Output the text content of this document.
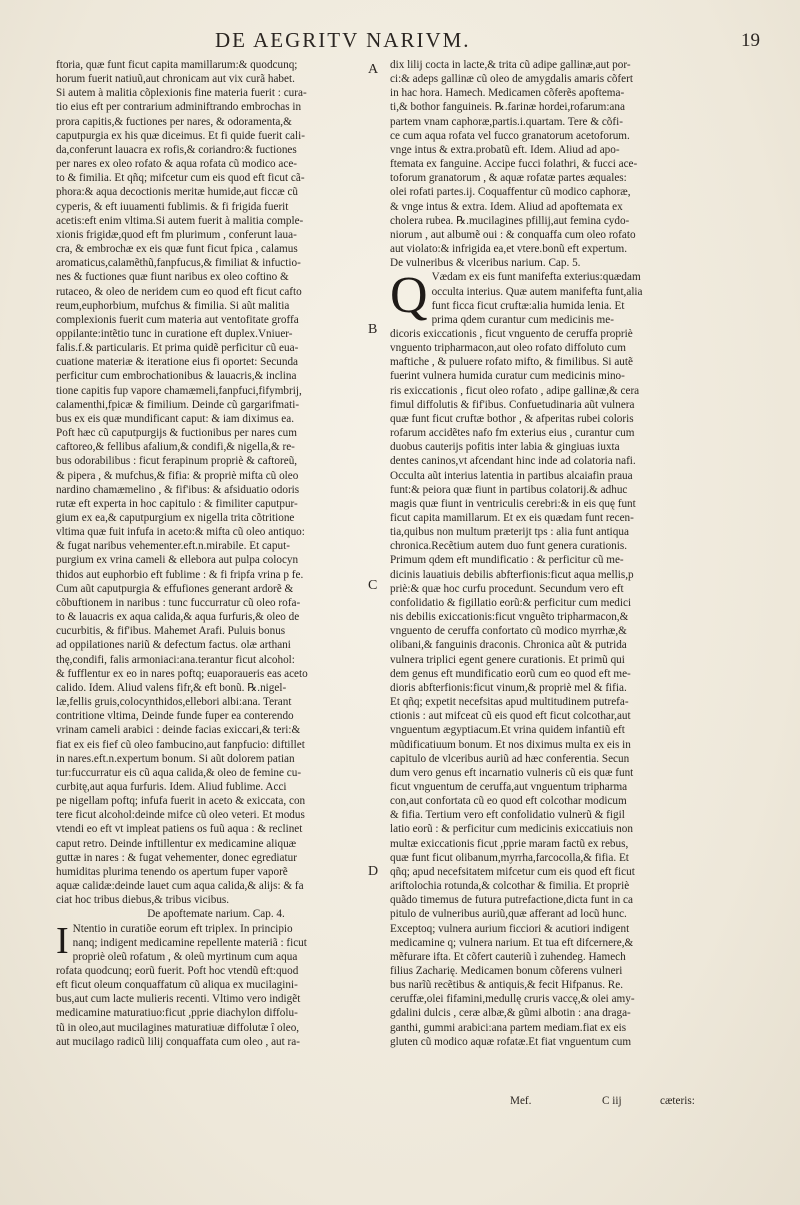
DE AEGRITV NARIVM.	19
A
B
C
D
ftoria, quæ funt ficut capita mamillarum:& quodcunq;
horum fuerit natiuũ,aut chronicam aut vix curã habet.
Si autem à malitia cõplexionis fine materia fuerit : cura-
tio eius eft per contrarium adminiftrando embrochas in
prora capitis,& fuctiones per nares, & odoramenta,&
caputpurgia ex his quæ diceimus. Et fi quide fuerit cali-
da,conferunt lauacra ex rofis,& coriandro:& fuctiones
per nares ex oleo rofato & aqua rofata cũ modico ace-
to & fimilia. Et qñq; mifcetur cum eis quod eft ficut cã-
phora:& aqua decoctionis meritæ humide,aut ficcæ cũ
cyperis, & eft iuuamenti fublimis. & fi frigida fuerit
acetis:eft enim vltima.Si autem fuerit à malitia comple-
xionis frigidæ,quod eft fm plurimum , conferunt laua-
cra, & embrochæ ex eis quæ funt ficut fpica , calamus
aromaticus,calamẽthũ,fanpfucus,& fimiliat & infuctio-
nes & fuctiones quæ fiunt naribus ex oleo coftino &
rutaceo, & oleo de neridem cum eo quod eft ficut cafto
reum,euphorbium, mufchus & fimilia. Si aũt malitia
complexionis fuerit cum materia aut ventofitate groffa
oppilante:intẽtio tunc in curatione eft duplex.Vniuer-
falis.f.& particularis. Et prima quidẽ perficitur cũ eua-
cuatione materiæ & iteratione eius fi oportet: Secunda
perficitur cum embrochationibus & lauacris,& inclina
tione capitis fup vapore chamæmeli,fanpfuci,fifymbrij,
calamenthi,fpicæ & fimilium. Deinde cũ gargarifmati-
bus ex eis quæ mundificant caput: & iam diximus ea.
Poft hæc cũ caputpurgijs & fuctionibus per nares cum
caftoreo,& fellibus afalium,& condifi,& nigella,& re-
bus odorabilibus : ficut ferapinum propriè & caftoreũ,
& pipera , & mufchus,& fifia: & propriè mifta cũ oleo
nardino chamæmelino , & fif'ibus: & afsiduatio odoris
rutæ eft experta in hoc capitulo : & fimiliter caputpur-
gium ex ea,& caputpurgium ex nigella trita cõtritione
vltima quæ fuit infufa in aceto:& mifta cũ oleo antiquo:
& fugat naribus vehementer.eft.n.mirabile. Et caput-
purgium ex vrina cameli & ellebora aut pulpa colocyn
thidos aut euphorbio eft fublime : & fi fripfa vrina p fe.
Cum aũt caputpurgia & effufiones generant ardorẽ &
cõbuftionem in naribus : tunc fuccurratur cũ oleo rofa-
to & lauacris ex aqua calida,& aqua furfuris,& oleo de
cucurbitis, & fif'ibus. Mahemet Arafi. Puluis bonus
ad oppilationes nariũ & defectum factus. olæ arthani
thę,condifi, falis armoniaci:ana.terantur ficut alcohol:
& fufflentur ex eo in nares poftq; euaporaueris eas aceto
calido. Idem. Aliud valens fifr,& eft bonũ. ℞.nigel-
læ,fellis gruis,colocynthidos,ellebori albi:ana. Terant
contritione vltima, Deinde funde fuper ea conterendo
vrinam cameli arabici : deinde facias exiccari,& teri:&
fiat ex eis fief cũ oleo fambucino,aut fanpfucio: diftillet
in nares.eft.n.expertum bonum. Si aũt dolorem patian
tur:fuccurratur eis cũ aqua calida,& oleo de femine cu-
curbitę,aut aqua furfuris. Idem. Aliud fublime. Acci
pe nigellam poftq; infufa fuerit in aceto & exiccata, con
tere ficut alcohol:deinde mifce cũ oleo veteri. Et modus
vtendi eo eft vt impleat patiens os fuũ aqua : & reclinet
caput retro. Deinde inftillentur ex medicamine aliquæ
guttæ in nares : & fugat vehementer, donec egrediatur
humiditas plurima tenendo os apertum fuper vaporẽ
aquæ calidæ:deinde lauet cum aqua calida,& alijs: & fa
ciat hoc tribus diebus,& tribus vicibus.
De apoftemate narium. Cap. 4.
I Ntentio in curatiõe eorum eft triplex. In principio
nanq; indigent medicamine repellente materiã : ficut
propriè oleũ rofatum , & oleũ myrtinum cum aqua
rofata quodcunq; eorũ fuerit. Poft hoc vtendũ eft:quod
eft ficut oleum conquaffatum cũ aliqua ex mucilagini-
bus,aut cum lacte mulieris recenti. Vltimo vero indigẽt
medicamine maturatiuo:ficut ,pprie diachylon diffolu-
tũ in oleo,aut mucilagines maturatiuæ diffolutæ î oleo,
aut mucilago radicũ lilij conquaffata cum oleo , aut ra-
dix lilij cocta in lacte,& trita cũ adipe gallinæ,aut por-
ci:& adeps gallinæ cũ oleo de amygdalis amaris cõfert
in hac hora. Hamech. Medicamen cõferẽs apoftema-
ti,& bothor fanguineis. ℞.farinæ hordei,rofarum:ana
partem vnam caphoræ,partis.i.quartam. Tere & cõfi-
ce cum aqua rofata vel fucco granatorum acetoforum.
vnge intus & extra.probatũ eft. Idem. Aliud ad apo-
ftemata ex fanguine. Accipe fucci folathri, & fucci ace-
toforum granatorum , & aquæ rofatæ partes æquales:
olei rofati partes.ij. Coquaffentur cũ modico caphoræ,
& vnge intus & extra. Idem. Aliud ad apoftemata ex
cholera rubea. ℞.mucilagines pfillij,aut femina cydo-
niorum , aut albumẽ oui : & conquaffa cum oleo rofato
aut violato:& infrigida ea,et vtere.bonũ eft expertum.
De vulneribus & vlceribus narium. Cap. 5.
Q Vædam ex eis funt manifefta exterius:quædam
occulta interius. Quæ autem manifefta funt,alia
funt ficca ficut cruftæ:alia humida lenia. Et
prima qdem curantur cum medicinis me-
dicoris exiccationis , ficut vnguento de ceruffa propriè
vnguento tripharmacon,aut oleo rofato diffoluto cum
maftiche , & puluere rofato mifto, & fimilibus. Si autẽ
fuerint vulnera humida curatur cum medicinis mino-
ris exiccationis , ficut oleo rofato , adipe gallinæ,& cera
fimul diffolutis & fif'ibus. Confuetudinaria aũt vulnera
quæ funt ficut cruftæ bothor , & afperitas rubei coloris
rofarum accidẽtes nafo fm exterius eius , curantur cum
duobus cauterijs pofitis inter labia & gingiuas iuxta
dentes caninos,vt afcendant hinc inde ad colatoria nafi.
Occulta aũt interius latentia in partibus alcaiafin praua
funt:& peiora quæ fiunt in partibus colatorij.& adhuc
magis quæ fiunt in ventriculis cerebri:& in eis quę funt
ficut capita mamillarum. Et ex eis quædam funt recen-
tia,quibus non multum præterijt tps : alia funt antiqua
chronica.Recẽtium autem duo funt genera curationis.
Primum qdem eft mundificatio : & perficitur cũ me-
dicinis lauatiuis debilis abfterfionis:ficut aqua mellis,p
priè:& quæ hoc curfu procedunt. Secundum vero eft
confolidatio & figillatio eorũ:& perficitur cum medici
nis debilis exiccationis:ficut vnguẽto tripharmacon,&
vnguento de ceruffa confortato cũ modico myrrhæ,&
olibani,& fanguinis draconis. Chronica aũt & putrida
vulnera triplici egent genere curationis. Et primũ qui
dem genus eft mundificatio eorũ cum eo quod eft me-
dioris abfterfionis:ficut vinum,& propriè mel & fifia.
Et qñq; expetit necefsitas apud multitudinem putrefa-
ctionis : aut mifceat cũ eis quod eft ficut colcothar,aut
vnguentum ægyptiacum.Et vrina quidem infantiũ eft
mũdificatiuum bonum. Et nos diximus multa ex eis in
capitulo de vlceribus auriũ ad hæc conferentia. Secun
dum vero genus eft incarnatio vulneris cũ eis quæ funt
ficut vnguentum de ceruffa,aut vnguentum tripharma
con,aut confortata cũ eo quod eft colcothar modicum
& fifia. Tertium vero eft confolidatio vulnerũ & figil
latio eorũ : & perficitur cum medicinis exiccatiuis non
multæ exiccationis ficut ,pprie maram factũ ex rebus,
quæ funt ficut olibanum,myrrha,farcocolla,& fifia. Et
qñq; apud necefsitatem mifcetur cum eis quod eft ficut
ariftolochia rotunda,& colcothar & fimilia. Et propriè
quãdo timemus de futura putrefactione,dicta funt in ca
pitulo de vulneribus auriũ,quæ afferant ad locũ hunc.
Exceptoq; vulnera aurium ficciori & acutiori indigent
medicamine q; vulnera narium. Et tua eft difcernere,&
mẽfurare ifta. Et cõfert cauteriũ ì zuhendeg. Hamech
filius Zacharię. Medicamen bonum cõferens vulneri
bus narĩũ recẽtibus & antiquis,& fecit Hifpanus. Re.
ceruffæ,olei fifamini,medullę cruris vaccę,& olei amy-
gdalini dulcis , ceræ albæ,& gũmi albotin : ana draga-
ganthi, gummi arabici:ana partem mediam.fiat ex eis
gluten cũ modico aquæ rofatæ.Et fiat vnguentum cum
Mef.	C iij	cæteris:
